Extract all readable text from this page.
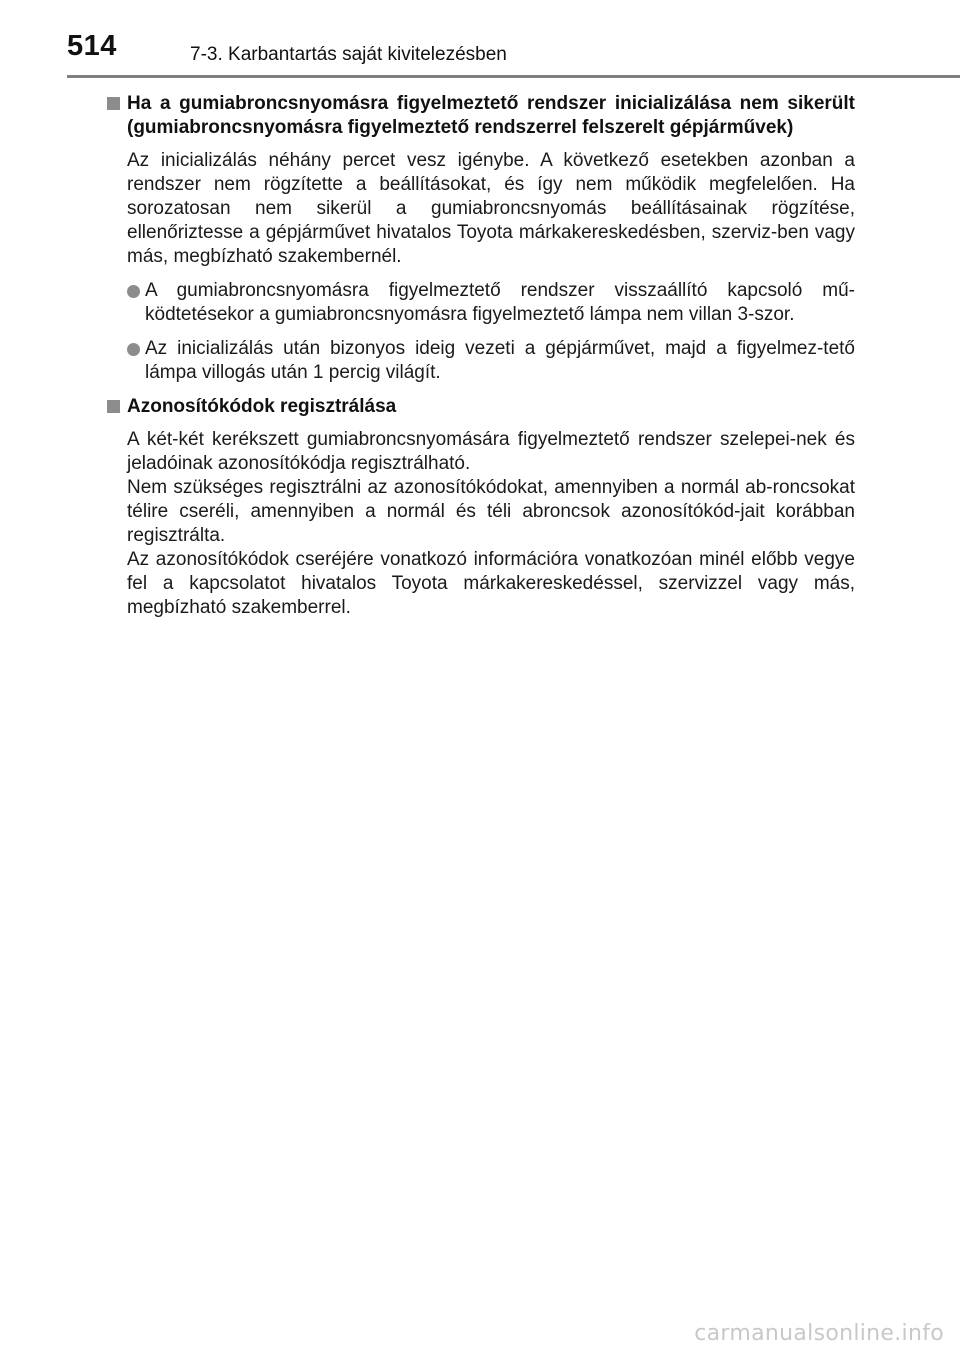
514	7-3. Karbantartás saját kivitelezésben
Ha a gumiabroncsnyomásra figyelmeztető rendszer inicializálása nem sikerült (gumiabroncsnyomásra figyelmeztető rendszerrel felszerelt gépjárművek)

Az inicializálás néhány percet vesz igénybe. A következő esetekben azonban a rendszer nem rögzítette a beállításokat, és így nem működik megfelelően. Ha sorozatosan nem sikerül a gumiabroncsnyomás beállításainak rögzítése, ellenőriztesse a gépjárművet hivatalos Toyota márkakereskedésben, szerviz-ben vagy más, megbízható szakembernél.

A gumiabroncsnyomásra figyelmeztető rendszer visszaállító kapcsoló mű-ködtetésekor a gumiabroncsnyomásra figyelmeztető lámpa nem villan 3-szor.
Az inicializálás után bizonyos ideig vezeti a gépjárművet, majd a figyelmez-tető lámpa villogás után 1 percig világít.
Azonosítókódok regisztrálása

A két-két kerékszett gumiabroncsnyomására figyelmeztető rendszer szelepei-nek és jeladóinak azonosítókódja regisztrálható.

Nem szükséges regisztrálni az azonosítókódokat, amennyiben a normál ab-roncsokat télire cseréli, amennyiben a normál és téli abroncsok azonosítókód-jait korábban regisztrálta.

Az azonosítókódok cseréjére vonatkozó információra vonatkozóan minél előbb vegye fel a kapcsolatot hivatalos Toyota márkakereskedéssel, szervizzel vagy más, megbízható szakemberrel.

carmanualsonline.info
